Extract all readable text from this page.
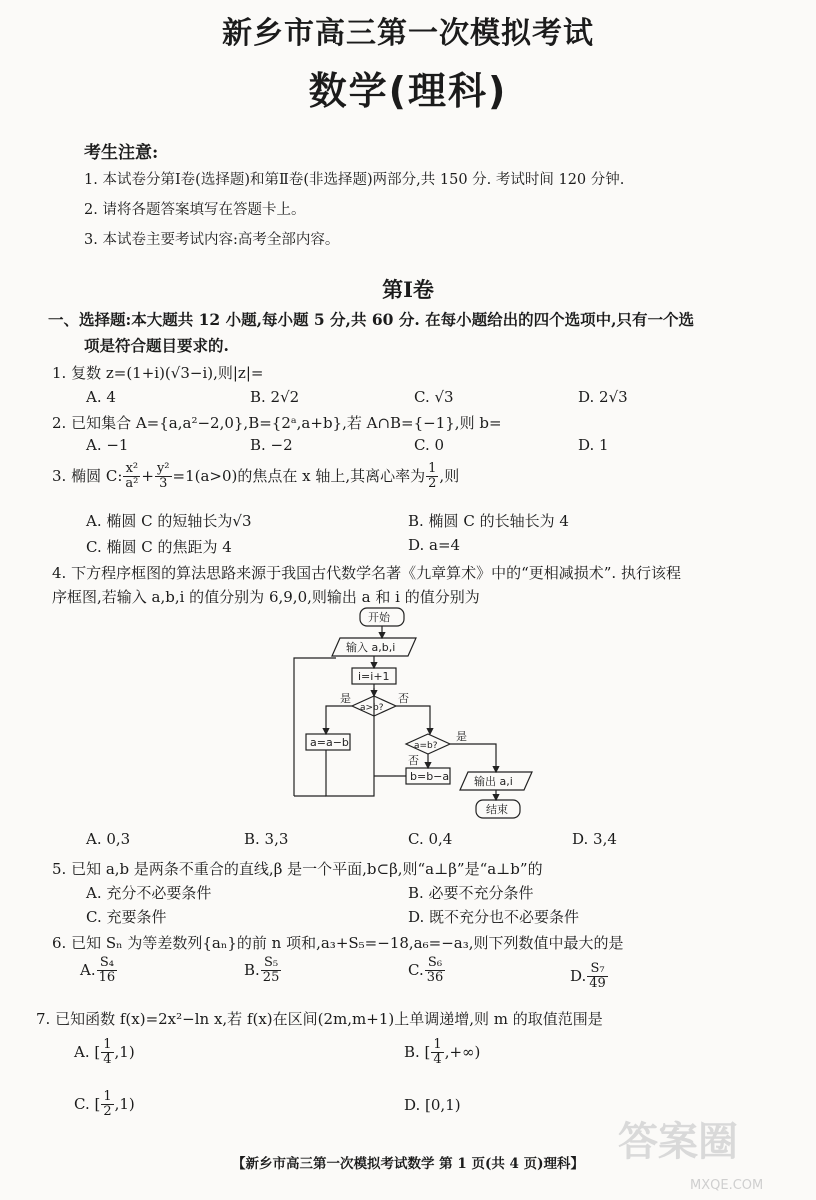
新乡市高三第一次模拟考试
数学(理科)
考生注意:
1. 本试卷分第Ⅰ卷(选择题)和第Ⅱ卷(非选择题)两部分,共 150 分. 考试时间 120 分钟.
2. 请将各题答案填写在答题卡上。
3. 本试卷主要考试内容:高考全部内容。
第Ⅰ卷
一、选择题:本大题共 12 小题,每小题 5 分,共 60 分. 在每小题给出的四个选项中,只有一个选
项是符合题目要求的.
1. 复数 z=(1+i)(√3−i),则|z|=
A. 4	B. 2√2	C. √3	D. 2√3
2. 已知集合 A={a,a²−2,0},B={2ᵃ,a+b},若 A∩B={−1},则 b=
A. −1	B. −2	C. 0	D. 1
3. 椭圆 C: $\frac{\text{x²}}{\text{a²}} + \frac{\text{y²}}{3} =1(a>0)$的焦点在 x 轴上,其离心率为 $\frac{1}{2}$ ,则
A. 椭圆 C 的短轴长为√3	B. 椭圆 C 的长轴长为 4
C. 椭圆 C 的焦距为 4	D. a=4
4. 下方程序框图的算法思路来源于我国古代数学名著《九章算术》中的“更相减损术”. 执行该程
序框图,若输入 a,b,i 的值分别为 6,9,0,则输出 a 和 i 的值分别为
开始
输入 a,b,i
i=i+1
a>b?
是	否
a=a−b	a=b?
是
否
b=b−a 输出 a,i
结束
A. 0,3	B. 3,3	C. 0,4	D. 3,4
5. 已知 a,b 是两条不重合的直线,β 是一个平面,b⊂β,则“a⊥β”是“a⊥b”的
A. 充分不必要条件	B. 必要不充分条件
C. 充要条件	D. 既不充分也不必要条件
6. 已知 Sₙ 为等差数列{aₙ}的前 n 项和,a₃+S₅=−18,a₆=−a₃,则下列数值中最大的是
A. $\frac{\text{S₄}}{16}$	B. $\frac{\text{S₅}}{25}$	C. $\frac{\text{S₆}}{36}$	D. $\frac{\text{S₇}}{49}$
7. 已知函数 f(x)=2x²−ln x,若 f(x)在区间(2m,m+1)上单调递增,则 m 的取值范围是
A. [ $\frac{1}{4} ,1$)	B. [ $\frac{1}{4}$ ,+∞)
C. [ $\frac{1}{2} ,1$)	D. [0,1)
【新乡市高三第一次模拟考试数学 第 1 页(共 4 页)理科】 答案圈
MXQE.COM
